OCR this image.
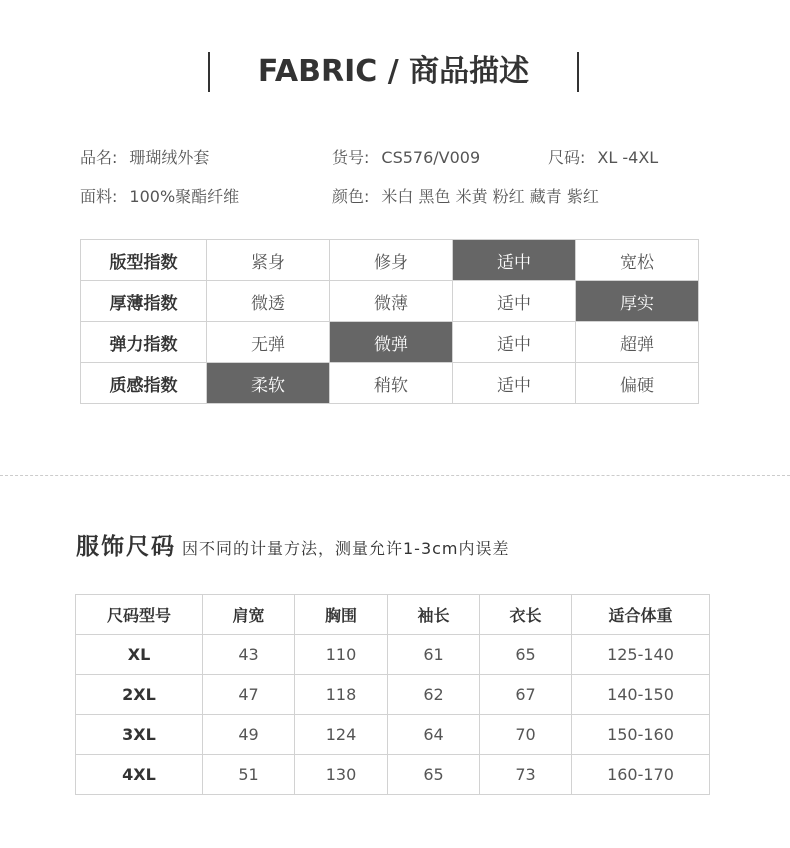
FABRIC / 商品描述
品名: 珊瑚绒外套	货号: CS576/V009	尺码: XL -4XL
面料: 100%聚酯纤维	颜色: 米白 黑色 米黄 粉红 藏青 紫红
版型指数	紧身	修身	适中	宽松
厚薄指数	微透	微薄	适中	厚实
弹力指数	无弹	微弹	适中	超弹
质感指数	柔软	稍软	适中	偏硬
服饰尺码 因不同的计量方法，测量允许1-3cm内误差
尺码型号	肩宽	胸围	袖长	衣长	适合体重
XL	43	110	61	65	125-140
2XL	47	118	62	67	140-150
3XL	49	124	64	70	150-160
4XL	51	130	65	73	160-170
